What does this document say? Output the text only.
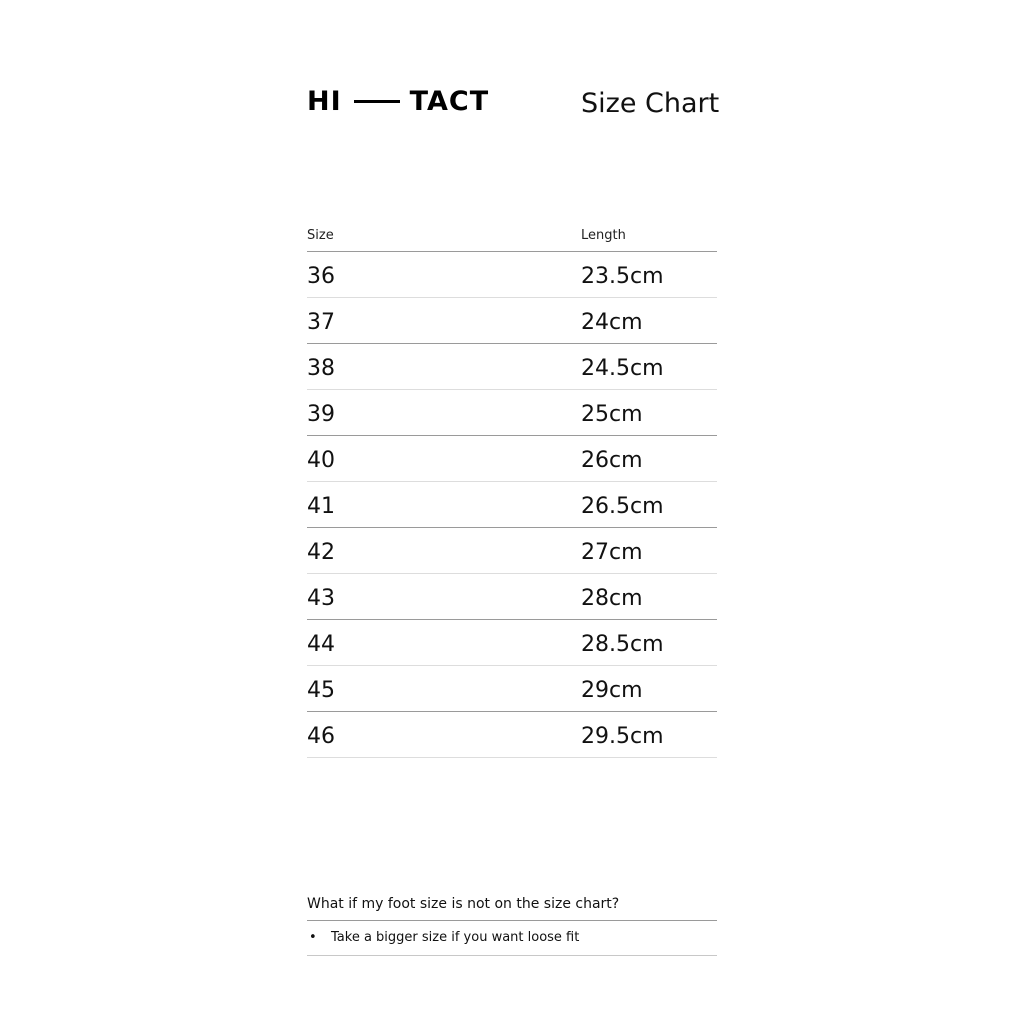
HI	TACT	Size Chart
Size	Length
36	23.5cm
37	24cm
38	24.5cm
39	25cm
40	26cm
41	26.5cm
42	27cm
43	28cm
44	28.5cm
45	29cm
46	29.5cm
What if my foot size is not on the size chart?
• Take a bigger size if you want loose fit
